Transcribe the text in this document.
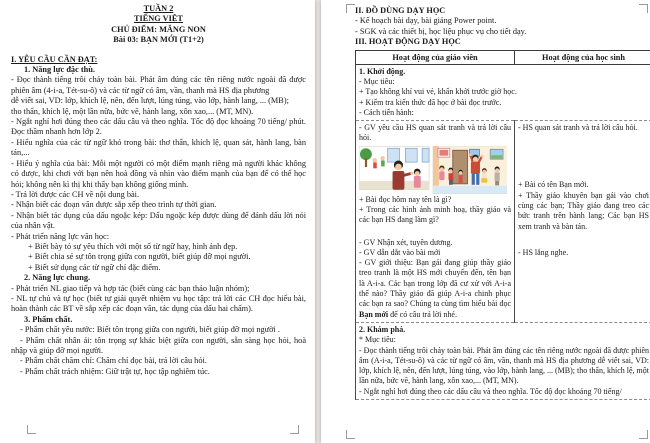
TUẦN 2
TIẾNG VIỆT
CHỦ ĐIỂM: MĂNG NON
Bài 03: BẠN MỚI (T1+2)
I. YÊU CẦU CẦN ĐẠT:
1. Năng lực đặc thù.
- Đọc thành tiếng trôi chảy toàn bài. Phát âm đúng các tên riêng nước ngoài đã được phiên âm (4-i-a, Tét-su-ô) và các từ ngữ có âm, vần, thanh mà HS địa phương
dễ viết sai, VD: lớp, khích lệ, nên, đến lượt, lúng túng, vào lớp, hành lang, ... (MB);
tho thẩn, khích lệ, một lần nữa, bức vẽ, hành lang, xôn xao,... (MT, MN).
- Ngắt nghỉ hơi đúng theo các dấu câu và theo nghĩa. Tốc độ đọc khoảng 70 tiếng/ phút. Đọc thầm nhanh hơn lớp 2.
- Hiểu nghĩa của các từ ngữ khó trong bài: thơ thẩn, khích lệ, quan sát, hành lang, bàn tán,...
- Hiểu ý nghĩa của bài: Mỗi một người có một điểm mạnh riêng mà người khác không có được, khi chơi với bạn nên hoà đồng và nhìn vào điểm mạnh của bạn để có thể học hỏi; không nên kì thị khi thấy bạn không giống mình.
- Trả lời được các CH về nội dung bài.
- Nhận biết các đoạn văn được sắp xếp theo trình tự thời gian.
- Nhận biết tác dụng của dấu ngoặc kép: Dấu ngoặc kép được dùng để đánh dấu lời nói của nhân vật.
- Phát triển năng lực văn học:
+ Biết bày tỏ sự yêu thích với một số từ ngữ hay, hình ảnh đẹp.
+ Biết chia sẻ sự tôn trọng giữa con người, biết giúp đỡ mọi người.
+ Biết sử dụng các từ ngữ chỉ đặc điểm.
2. Năng lực chung.
- Phát triển NL giao tiếp và hợp tác (biết cùng các bạn thảo luận nhóm);
- NL tự chủ và tự học (biết tự giải quyết nhiệm vụ học tập: trả lời các CH đọc hiểu bài, hoàn thành các BT về sắp xếp các đoạn văn, tác dụng của dấu hai chấm).
3. Phẩm chất.
- Phẩm chất yêu nước: Biết tôn trọng giữa con người, biết giúp đỡ mọi người .
- Phẩm chất nhân ái: tôn trọng sự khác biệt giữa con người, sẵn sàng học hỏi, hoà nhập và giúp đỡ mọi người.
- Phẩm chất chăm chỉ: Chăm chỉ đọc bài, trả lời câu hỏi.
- Phẩm chất trách nhiệm: Giữ trật tự, học tập nghiêm túc.
II. ĐỒ DÙNG DẠY HỌC
- Kế hoạch bài dạy, bài giảng Power point.
- SGK và các thiết bị, học liệu phục vụ cho tiết dạy.
III. HOẠT ĐỘNG DẠY HỌC
Hoạt động của giáo viên	Hoạt động của học sinh

1. Khởi động.
- Mục tiêu:
+ Tạo không khí vui vẻ, khấn khởi trước giờ học.
+ Kiểm tra kiến thức đã học ở bài đọc trước.
- Cách tiến hành:	

- GV yêu cầu HS quan sát tranh và trả lời câu hỏi.
+ Bài đọc hôm nay tên là gì?
+ Trong các hình ảnh minh hoạ, thầy giáo và các bạn HS đang làm gì?
- GV Nhận xét, tuyên dương.
- GV dẫn dắt vào bài mới
- GV giới thiệu: Bạn gái đang giúp thầy giáo treo tranh là một HS mới chuyển đến, tên bạn là A-i-a. Các bạn trong lớp đã cư xử với A-i-a thế nào? Thầy giáo đã giúp A-i-a chinh phục các bạn ra sao? Chúng ta cùng tìm hiểu bài đọc Bạn mới để có câu trả lời nhé.

- HS quan sát tranh và trả lời câu hỏi.
+ Bài có tên Bạn mới.
+ Thầy giáo khuyên bạn gái vào chơi cùng các bạn; Thầy giáo đang treo các bức tranh trên hành lang; Các bạn HS xem tranh và bàn tán.
- HS lắng nghe.

2. Khám phá.
* Mục tiêu:
- Đọc thành tiếng trôi chảy toàn bài. Phát âm đúng các tên riêng nước ngoài đã được phiên âm (A-i-a, Tét-su-ô) và các từ ngữ có âm, vần, thanh mà HS địa phương dễ viết sai, VD: lớp, khích lệ, nên, đến lượt, lúng túng, vào lớp, hành lang, ... (MB); tho thẩn, khích lệ, một lần nữa, bức vẽ, hành lang, xôn xao,... (MT, MN).
- Ngắt nghỉ hơi đúng theo các dấu câu và theo nghĩa. Tốc độ đọc khoảng 70 tiếng/	
